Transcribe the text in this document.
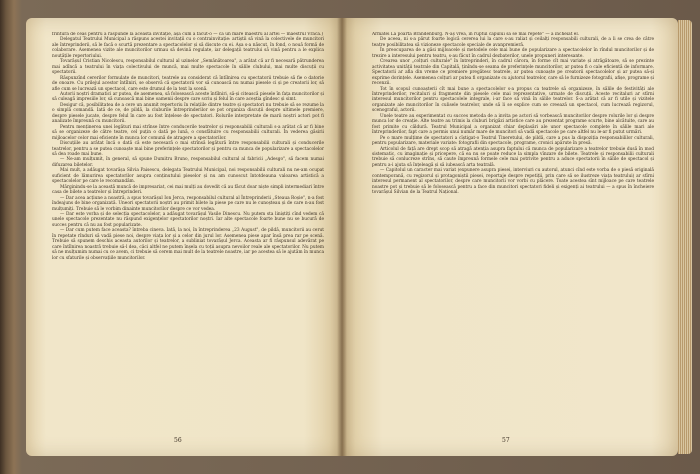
frîntură de ceas pentru a răspunde la această invitație, așa cum a făcut-o — ca un mare maestru al artei — maestrul Vraca.)

Delegatul Teatrului Municipal a răspuns acestei invitații cu o contrainvitație: artiștii să vină la colectivele de muncitori ale întreprinderii, să le facă o scurtă prezentare a spectacolelor și să discute cu ei. Așa s-a născut, în fond, o nouă formă de colaborare. Asemenea vizite ale muncitorilor urmau să devină regulate, iar delegații teatrului să vină pentru a le explica noutățile repertoriului.

Tovarășul Cristian Nicolescu, responsabilul cultural al uzinelor „Semănătoarea", a arătat că ar fi necesară pătrunderea mai adîncă a teatrului în viața colectivului de muncă, mai multe spectacole în sălile clubului, mai multe discuții cu spectatorii.

Răspunzînd cererilor formulate de muncitori, teatrele au considerat că întîlnirea cu spectatorii trebuie să fie o datorie de onoare. Cu prilejul acestor întîlniri, se observă că spectatorii vor să cunoască nu numai piesele ci și pe creatorii lor, să afle cum se lucrează un spectacol, care este drumul de la text la scenă.

Autorii noștri dramatici ar putea, de asemenea, să folosească aceste întîlniri, să-și citească piesele în fața muncitorilor și să culeagă impresiile lor, să cunoască mai bine oamenii despre care scriu și felul în care aceștia gîndesc și simt.

Desigur că, posibilitatea de a cere un anumit repertoriu în relațiile dintre teatre și spectatori nu trebuie să se rezume la o simplă comandă. Iată de ce, de pildă, la cluburile întreprinderilor se pot organiza discuții despre ultimele premiere, despre piesele jucate, despre felul în care au fost înțelese de spectatori. Rolurile interpretate de marii noștri actori pot fi analizate împreună cu muncitorii.

Pentru menținerea unei legături mai strînse între conducerile teatrelor și responsabilii culturali s-a arătat că ar fi bine să se organizeze de către teatre, cel puțin o dată pe lună, o consfătuire cu responsabilii culturali. În vederea găsirii mijloacelor celor mai eficiente în munca lor comună de atragere a spectatorilor.

Discuțiile au arătat încă o dată că este necesară o mai strînsă legătură între responsabilii culturali și conducerile teatrelor, pentru a se putea cunoaște mai bine preferințele spectatorilor și pentru ca munca de popularizare a spectacolelor să dea roade mai bune.

— Ne-am mulțumit, în general, să spune Dumitru Bruno, responsabilul cultural al fabricii „Adesgo", să facem numai difuzarea biletelor.

Mai mult, a adăugat tovarășa Silvia Paisescu, delegata Teatrului Municipal, noi responsabilii culturali nu ne-am ocupat suficient de lămurirea spectatorilor asupra conținutului pieselor și nu am cunoscut întotdeauna valoarea artistică a spectacolelor pe care le recomandăm.

Mărginindu-se la această muncă de impresariat, cei mai mulți au dovedit că au făcut doar niște simpli intermediari între casa de bilete a teatrelor și întreprinderi.

— Dar acea acțiune a noastră, a spus tovarășul Ion Jerca, responsabilul cultural al Întreprinderii „Steaua Roșie", n-a fost îndeajuns de bine organizată. Uneori spectatorii noștri au primit bilete la piese pe care nu le cunoșteau și de care n-au fost mulțumiți. Trebuie să le vorbim dinainte muncitorilor despre ce vor vedea.

— Dar este vorba și de selecția spectacolelor, a adăugat tovarășul Vasile Dinescu. Nu putem sta liniștiți cînd vedem că unele spectacole prezentate nu răspund exigențelor spectatorilor noștri. Iar alte spectacole foarte bune nu se bucură de succes pentru că nu au fost popularizate.

— Dar cum putem face aceasta? întreba cineva. Iată, la noi, în întreprinderea „23 August", de pildă, muncitorii au cerut în repetate rînduri să vadă piese noi, despre viața lor și a celor din jurul lor. Asemenea piese apar însă prea rar pe scenă. Trebuie să spunem deschis aceasta autorilor și teatrelor, a subliniat tovarășul Jerca. Aceasta ar fi răspunsul adevărat pe care întîlnirea noastră trebuie să-l dea, căci altfel ne putem înșela cu toții asupra nevoilor reale ale spectatorilor. Nu putem să ne mulțumim numai cu ce avem, ci trebuie să cerem mai mult de la teatrele noastre, iar pe acestea să le ajutăm în munca lor cu sfaturile și observațiile muncitorilor.

56

Armatei La poarta Brandenburg. N-aș vrea, în ruptul capului să se mai repete" — a încheiat el.

De aceea, ni s-a părut foarte logică cererea lui la care s-au raliat și ceilalți responsabili culturali, de a li se crea de către teatre posibilitatea să vizioneze spectacole speciale de avanpremieră.

În preocuparea de a găsi mijloacele și metodele cele mai bune de popularizare a spectacolelor în rîndul muncitorilor și de trezire a interesului pentru teatru, s-au făcut în cadrul dezbaterilor, unele propuneri interesante.

Crearea unor „colțuri culturale" în întreprinderi, în cadrul cărora, în forme cît mai variate și atrăgătoare, să se prezinte activitatea unității teatrale din Capitală, ținîndu-se seama de preferințele muncitorilor, ar putea fi o cale eficientă de informare. Spectatorii ar afla din vreme ce premiere pregătesc teatrele, ar putea cunoaște pe creatorii spectacolelor și ar putea să-și exprime dorințele. Asemenea colțuri ar putea fi organizate cu ajutorul teatrelor, care să le furnizeze fotografii, afișe, programe și recenzii.

Tot în scopul cunoașterii cît mai bune a spectacolelor s-a propus ca teatrele să organizeze, în sălile de festivități ale întreprinderilor, recitaluri și fragmente din piesele cele mai reprezentative, urmate de discuții. Aceste recitaluri ar stîrni interesul muncitorilor pentru spectacolele integrale, i-ar face să vină în sălile teatrelor. S-a arătat că ar fi utile și vizitele organizate ale muncitorilor în culisele teatrelor, unde să li se explice cum se creează un spectacol, cum lucrează regizorul, scenograful, actorii.

Unele teatre au experimentat cu succes metoda de a invita pe actori să vorbească muncitorilor despre rolurile lor și despre munca lor de creație. Alte teatre au trimis la cluburi brigăzi artistice care au prezentat programe scurte, bine alcătuite, care au fost primite cu căldură. Teatrul Municipal a organizat chiar deplasări ale unor spectacole complete în sălile mari ale întreprinderilor, fapt care a permis unui număr mare de muncitori să vadă spectacole pe care altfel nu le-ar fi putut urmări.

Pe o mare mulțime de spectatori a cîștigat-o Teatrul Tineretului, de pildă, care a pus la dispoziția responsabililor culturali, pentru popularizare, materiale variate: fotografii din spectacole, programe, cronici apărute în presă.

Articolul de față are drept scop să atragă atenția asupra faptului că munca de popularizare a teatrelor trebuie dusă în mod sistematic, cu imaginație și pricepere, că ea nu se poate reduce la simpla vînzare de bilete. Teatrele și responsabilii culturali trebuie să conlucreze strîns, să caute împreună formele cele mai potrivite pentru a aduce spectatorii în sălile de spectacol și pentru a-i ajuta să înțeleagă și să iubească arta teatrală.

— Capitolul un caracter mai variat (expunere asupra piesei, interviuri cu autorul, atunci cînd este vorba de o piesă originală contemporană, cu regizorul și protagoniștii piesei, reportaje despre repetiții, prin care să se ilustreze viața teatrului) ar stîrni interesul permanent al spectatorilor, despre care muncitorii vor vorbi cu plăcere. Toate acestea sînt mijloace pe care teatrele noastre pot și trebuie să le folosească pentru a face din muncitori spectatori fideli și exigenți ai teatrului — a spus în încheiere tovarășul Silvian de la Teatrul Național.

57
